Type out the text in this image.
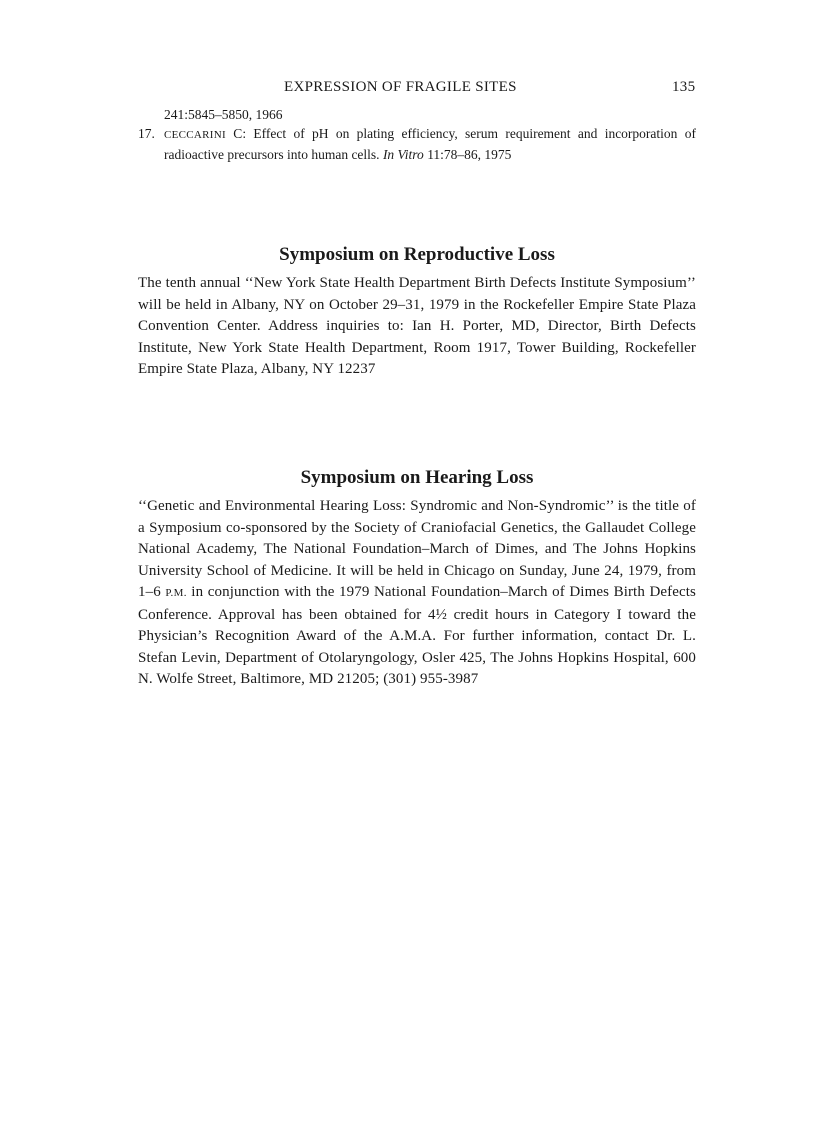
EXPRESSION OF FRAGILE SITES	135
241:5845–5850, 1966
17. CECCARINI C: Effect of pH on plating efficiency, serum requirement and incorporation of radioactive precursors into human cells. In Vitro 11:78–86, 1975
Symposium on Reproductive Loss

The tenth annual ‘‘New York State Health Department Birth Defects Institute Symposium’’ will be held in Albany, NY on October 29–31, 1979 in the Rockefeller Empire State Plaza Convention Center. Address inquiries to: Ian H. Porter, MD, Director, Birth Defects Institute, New York State Health Department, Room 1917, Tower Building, Rockefeller Empire State Plaza, Albany, NY 12237

Symposium on Hearing Loss

‘‘Genetic and Environmental Hearing Loss: Syndromic and Non-Syndromic’’ is the title of a Symposium co-sponsored by the Society of Craniofacial Genetics, the Gallaudet College National Academy, The National Foundation–March of Dimes, and The Johns Hopkins University School of Medicine. It will be held in Chicago on Sunday, June 24, 1979, from 1–6 P.M. in conjunction with the 1979 National Foundation–March of Dimes Birth Defects Conference. Approval has been obtained for 4½ credit hours in Category I toward the Physician’s Recognition Award of the A.M.A. For further information, contact Dr. L. Stefan Levin, Department of Otolaryngology, Osler 425, The Johns Hopkins Hospital, 600 N. Wolfe Street, Baltimore, MD 21205; (301) 955-3987
